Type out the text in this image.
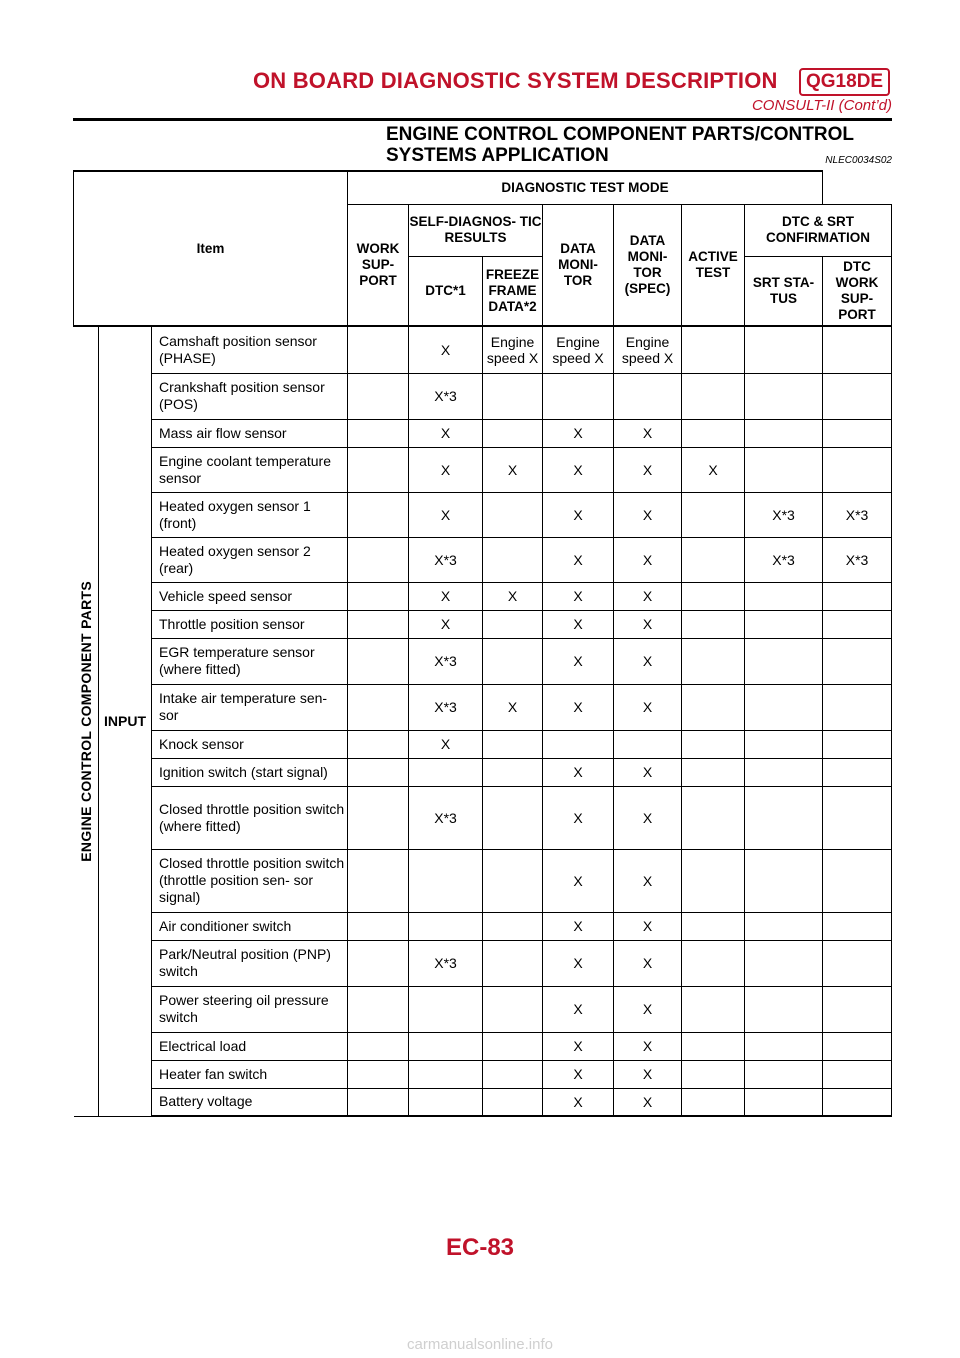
ON BOARD DIAGNOSTIC SYSTEM DESCRIPTION	QG18DE
CONSULT-II (Cont’d)
ENGINE CONTROL COMPONENT PARTS/CONTROL
SYSTEMS APPLICATION	NLEC0034S02
Item			DIAGNOSTIC TEST MODE							
			WORK SUP- PORT	SELF-DIAGNOS- TIC RESULTS		DATA MONI- TOR	DATA MONI- TOR (SPEC)	ACTIVE TEST	DTC & SRT CONFIRMATION	
				DTC*1	FREEZE FRAME DATA*2				SRT STA- TUS	DTC WORK SUP- PORT

ENGINE CONTROL COMPONENT PARTS	INPUT	Camshaft position sensor (PHASE)		X	Engine speed X	Engine speed X	Engine speed X			
		Crankshaft position sensor (POS)		X*3						
		Mass air flow sensor		X		X	X			
		Engine coolant temperature sensor		X	X	X	X	X		
		Heated oxygen sensor 1 (front)		X		X	X		X*3	X*3
		Heated oxygen sensor 2 (rear)		X*3		X	X		X*3	X*3
		Vehicle speed sensor		X	X	X	X			
		Throttle position sensor		X		X	X			
		EGR temperature sensor (where fitted)		X*3		X	X			
		Intake air temperature sen- sor		X*3	X	X	X			
		Knock sensor		X						
		Ignition switch (start signal)				X	X			
		Closed throttle position switch (where fitted)		X*3		X	X			
		Closed throttle position switch (throttle position sen- sor signal)				X	X			
		Air conditioner switch				X	X			
		Park/Neutral position (PNP) switch		X*3		X	X			
		Power steering oil pressure switch				X	X			
		Electrical load				X	X			
		Heater fan switch				X	X			
		Battery voltage				X	X			
EC-83
carmanualsonline.info
